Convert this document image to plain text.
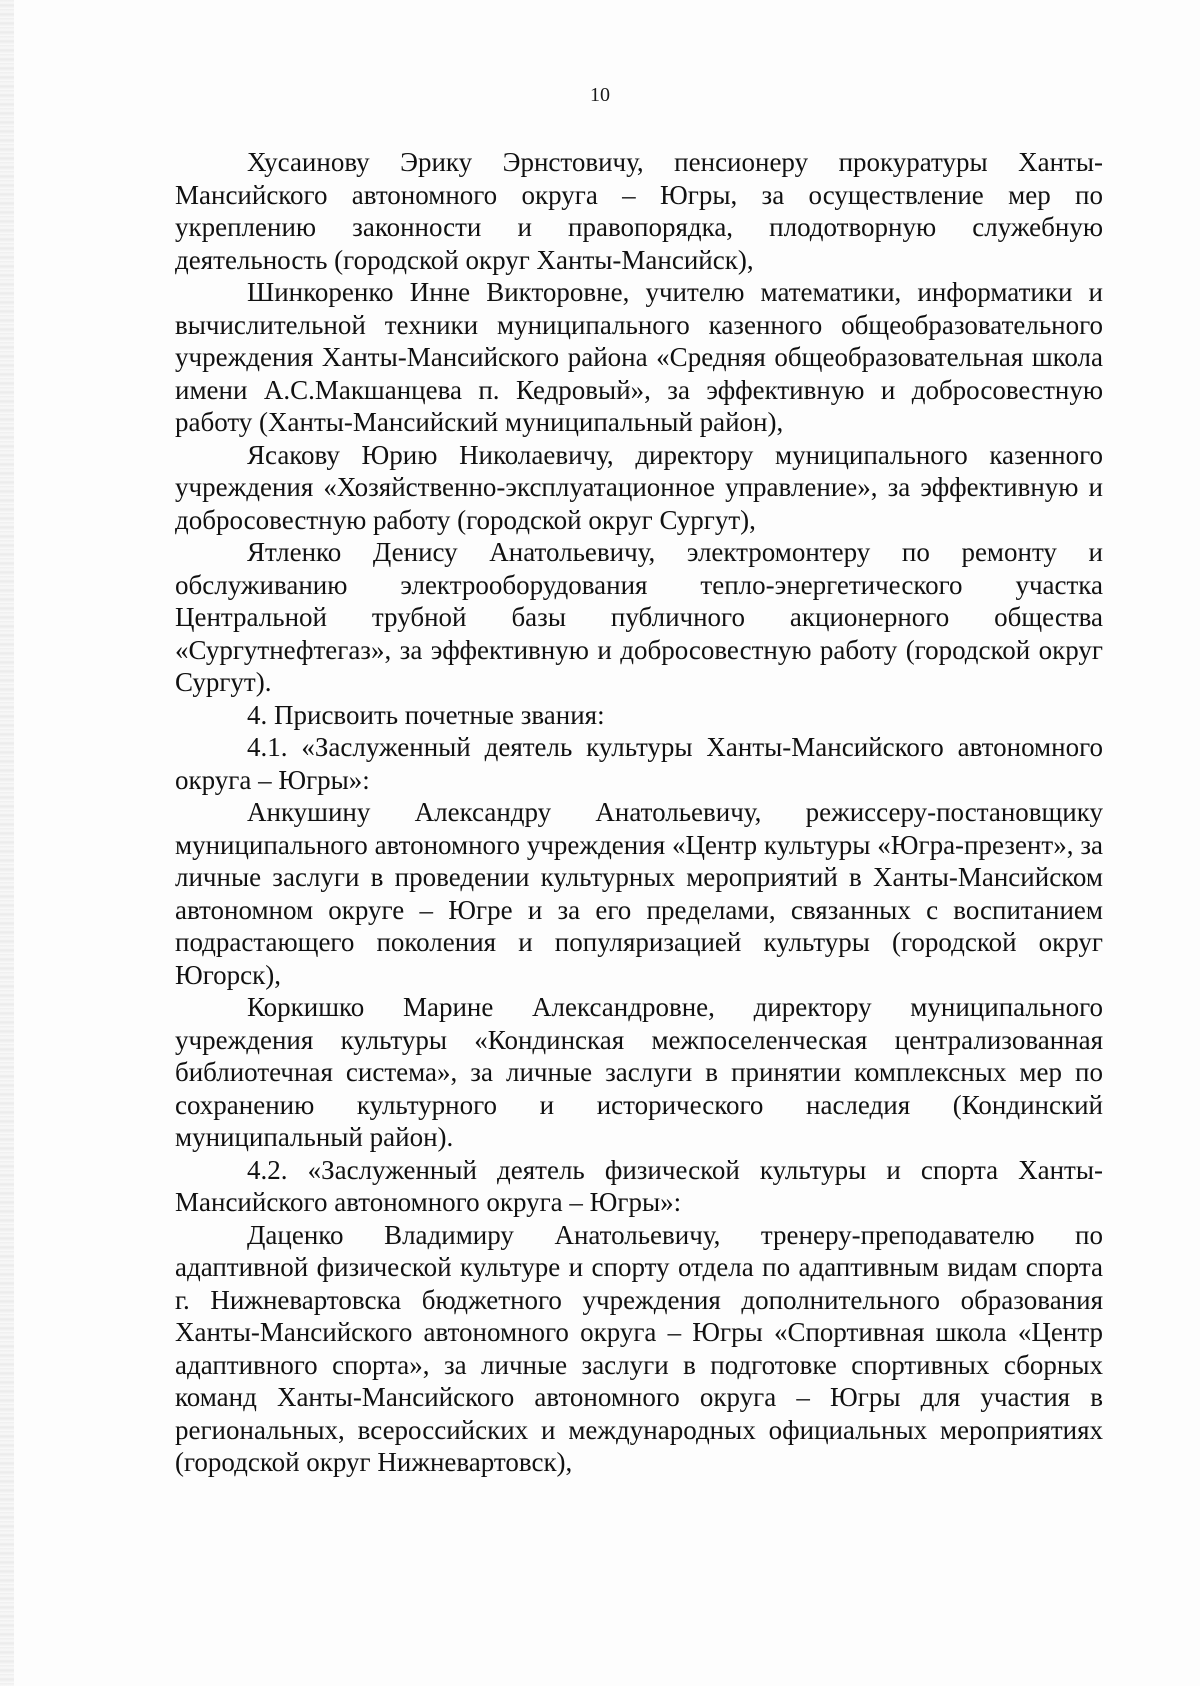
10

Хусаинову Эрику Эрнстовичу, пенсионеру прокуратуры Ханты-Мансийского автономного округа – Югры, за осуществление мер по укреплению законности и правопорядка, плодотворную служебную деятельность (городской округ Ханты-Мансийск),

Шинкоренко Инне Викторовне, учителю математики, информатики и вычислительной техники муниципального казенного общеобразовательного учреждения Ханты-Мансийского района «Средняя общеобразовательная школа имени А.С.Макшанцева п. Кедровый», за эффективную и добросовестную работу (Ханты-Мансийский муниципальный район),

Ясакову Юрию Николаевичу, директору муниципального казенного учреждения «Хозяйственно-эксплуатационное управление», за эффективную и добросовестную работу (городской округ Сургут),

Ятленко Денису Анатольевичу, электромонтеру по ремонту и обслуживанию электрооборудования тепло-энергетического участка Центральной трубной базы публичного акционерного общества «Сургутнефтегаз», за эффективную и добросовестную работу (городской округ Сургут).

4. Присвоить почетные звания:

4.1. «Заслуженный деятель культуры Ханты-Мансийского автономного округа – Югры»:

Анкушину Александру Анатольевичу, режиссеру-постановщику муниципального автономного учреждения «Центр культуры «Югра-презент», за личные заслуги в проведении культурных мероприятий в Ханты-Мансийском автономном округе – Югре и за его пределами, связанных с воспитанием подрастающего поколения и популяризацией культуры (городской округ Югорск),

Коркишко Марине Александровне, директору муниципального учреждения культуры «Кондинская межпоселенческая централизованная библиотечная система», за личные заслуги в принятии комплексных мер по сохранению культурного и исторического наследия (Кондинский муниципальный район).

4.2. «Заслуженный деятель физической культуры и спорта Ханты-Мансийского автономного округа – Югры»:

Даценко Владимиру Анатольевичу, тренеру-преподавателю по адаптивной физической культуре и спорту отдела по адаптивным видам спорта г. Нижневартовска бюджетного учреждения дополнительного образования Ханты-Мансийского автономного округа – Югры «Спортивная школа «Центр адаптивного спорта», за личные заслуги в подготовке спортивных сборных команд Ханты-Мансийского автономного округа – Югры для участия в региональных, всероссийских и международных официальных мероприятиях (городской округ Нижневартовск),
